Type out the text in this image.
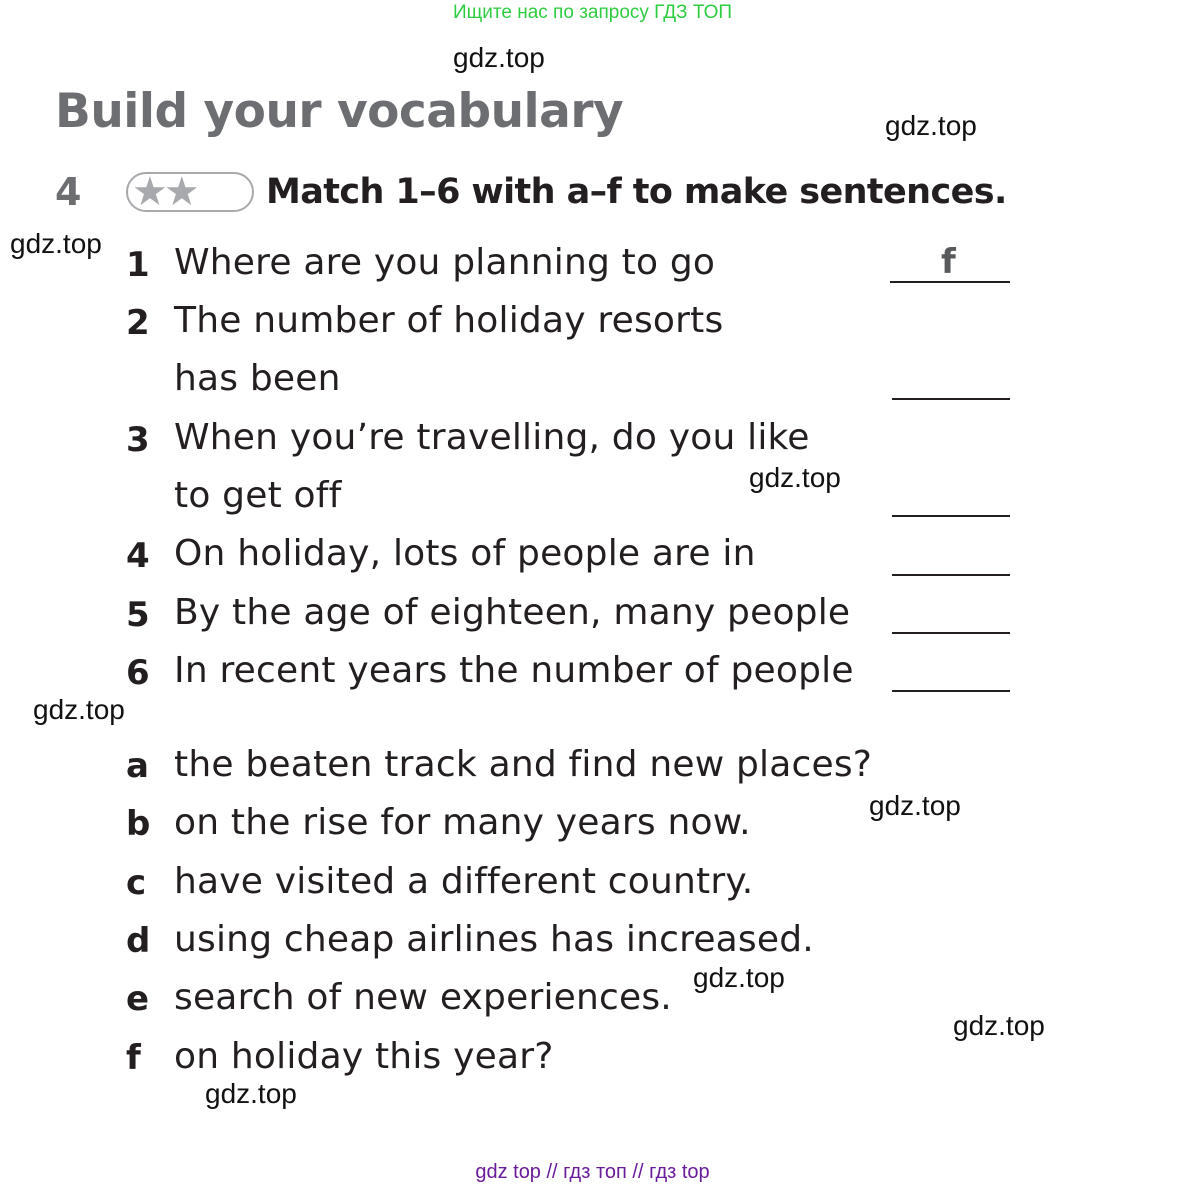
Ищите нас по запросу ГДЗ ТОП
gdz.top
gdz.top
gdz.top
gdz.top
gdz.top
gdz.top
gdz.top
gdz.top
gdz.top
Build your vocabulary
4 ★★	Match 1–6 with a–f to make sentences.
1 Where are you planning to go	f
2 The number of holiday resorts
has been
3 When you’re travelling, do you like
to get off
4 On holiday, lots of people are in
5 By the age of eighteen, many people
6 In recent years the number of people
a the beaten track and find new places?
b on the rise for many years now.
c have visited a different country.
d using cheap airlines has increased.
e search of new experiences.
f on holiday this year?
gdz top // гдз топ // гдз top
